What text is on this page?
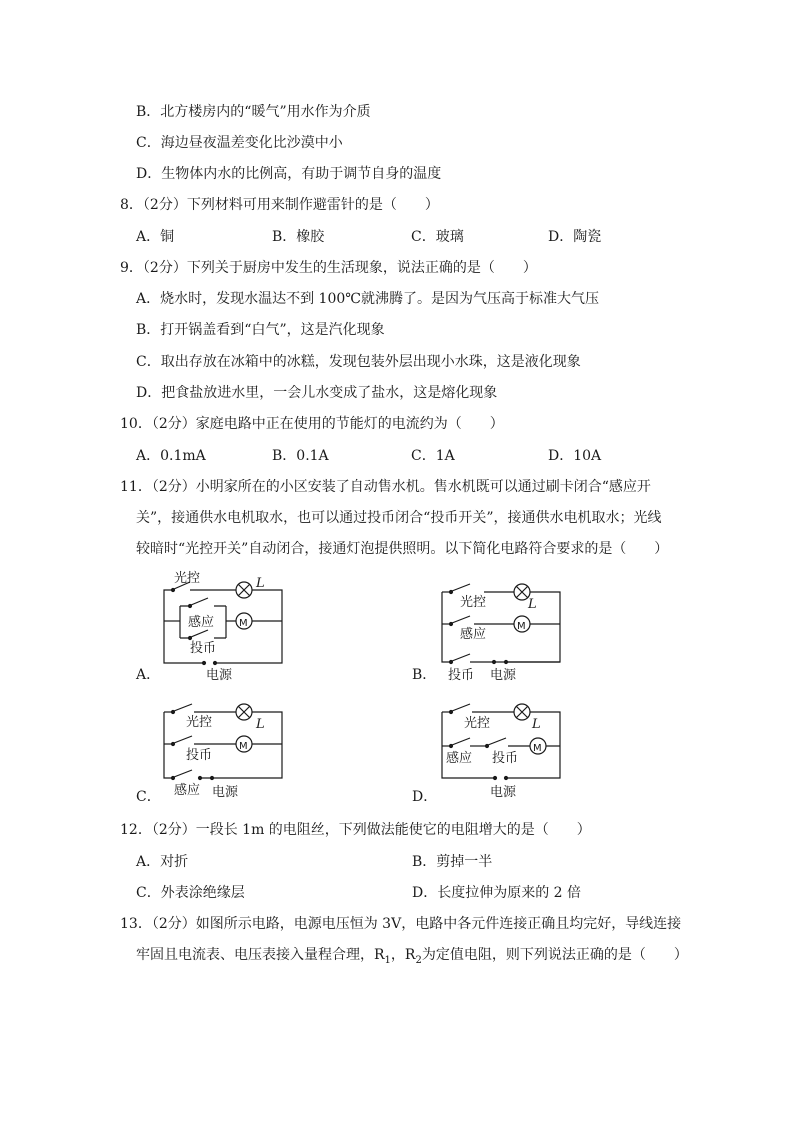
B．北方楼房内的“暖气”用水作为介质
C．海边昼夜温差变化比沙漠中小
D．生物体内水的比例高，有助于调节自身的温度
8．（2分）下列材料可用来制作避雷针的是（　　）
A．铜	B．橡胶	C．玻璃	D．陶瓷
9．（2分）下列关于厨房中发生的生活现象，说法正确的是（　　）
A．烧水时，发现水温达不到 100℃就沸腾了。是因为气压高于标准大气压
B．打开锅盖看到“白气”，这是汽化现象
C．取出存放在冰箱中的冰糕，发现包装外层出现小水珠，这是液化现象
D．把食盐放进水里，一会儿水变成了盐水，这是熔化现象
10．（2分）家庭电路中正在使用的节能灯的电流约为（　　）
A．0.1mA	B．0.1A	C．1A	D．10A
11．（2分）小明家所在的小区安装了自动售水机。售水机既可以通过刷卡闭合“感应开
关”，接通供水电机取水，也可以通过投币闭合“投币开关”，接通供水电机取水；光线
较暗时“光控开关”自动闭合，接通灯泡提供照明。以下简化电路符合要求的是（　　）
光控	L
M
感应
投币
电源
A．
光控	L
M
感应
投币 电源
B．
光控	L
M
投币
感应 电源
C．
光控	L
M
感应 投币
电源
D．
12．（2分）一段长 1m 的电阻丝，下列做法能使它的电阻增大的是（　　）
A．对折	B．剪掉一半
C．外表涂绝缘层	D．长度拉伸为原来的 2 倍
13．（2分）如图所示电路，电源电压恒为 3V，电路中各元件连接正确且均完好，导线连接
牢固且电流表、电压表接入量程合理，$R_1$，$R_2$为定值电阻，则下列说法正确的是（　　）
